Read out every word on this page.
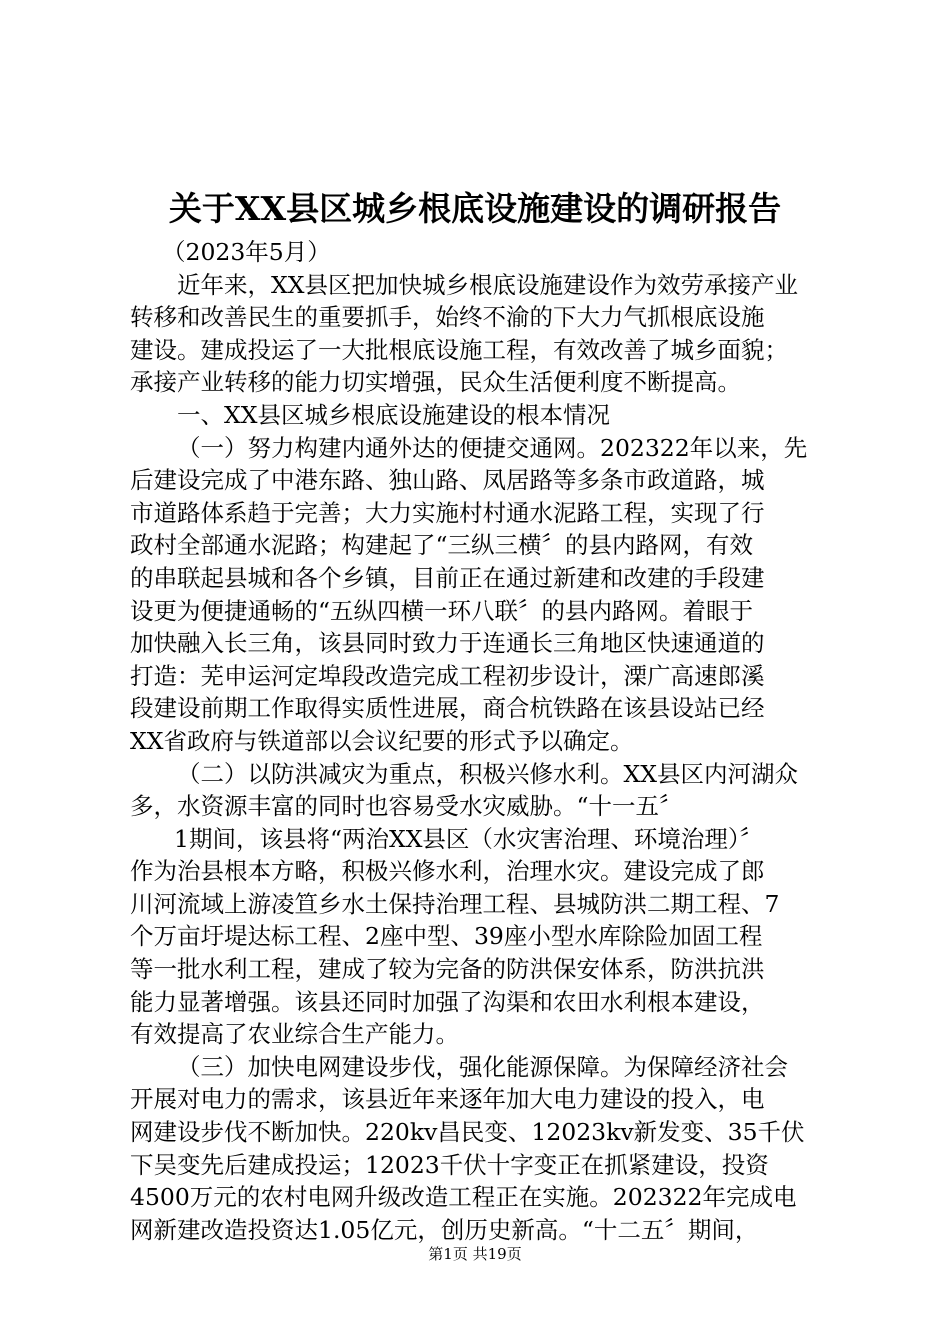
关于XX县区城乡根底设施建设的调研报告

（2023年5月）

近年来，XX县区把加快城乡根底设施建设作为效劳承接产业

转移和改善民生的重要抓手，始终不渝的下大力气抓根底设施

建设。建成投运了一大批根底设施工程，有效改善了城乡面貌；

承接产业转移的能力切实增强，民众生活便利度不断提高。

一、XX县区城乡根底设施建设的根本情况

（一）努力构建内通外达的便捷交通网。202322年以来，先

后建设完成了中港东路、独山路、凤居路等多条市政道路，城

市道路体系趋于完善；大力实施村村通水泥路工程，实现了行

政村全部通水泥路；构建起了“三纵三横〞的县内路网，有效

的串联起县城和各个乡镇，目前正在通过新建和改建的手段建

设更为便捷通畅的“五纵四横一环八联〞的县内路网。着眼于

加快融入长三角，该县同时致力于连通长三角地区快速通道的

打造：芜申运河定埠段改造完成工程初步设计，溧广高速郎溪

段建设前期工作取得实质性进展，商合杭铁路在该县设站已经

XX省政府与铁道部以会议纪要的形式予以确定。

（二）以防洪减灾为重点，积极兴修水利。XX县区内河湖众

多，水资源丰富的同时也容易受水灾威胁。“十一五〞

1期间，该县将“两治XX县区（水灾害治理、环境治理）〞

作为治县根本方略，积极兴修水利，治理水灾。建设完成了郎

川河流域上游凌笪乡水土保持治理工程、县城防洪二期工程、7

个万亩圩堤达标工程、2座中型、39座小型水库除险加固工程

等一批水利工程，建成了较为完备的防洪保安体系，防洪抗洪

能力显著增强。该县还同时加强了沟渠和农田水利根本建设，

有效提高了农业综合生产能力。

（三）加快电网建设步伐，强化能源保障。为保障经济社会

开展对电力的需求，该县近年来逐年加大电力建设的投入，电

网建设步伐不断加快。220kv昌民变、12023kv新发变、35千伏

下吴变先后建成投运；12023千伏十字变正在抓紧建设，投资

4500万元的农村电网升级改造工程正在实施。202322年完成电

网新建改造投资达1.05亿元，创历史新高。“十二五〞期间，

第1页 共19页
